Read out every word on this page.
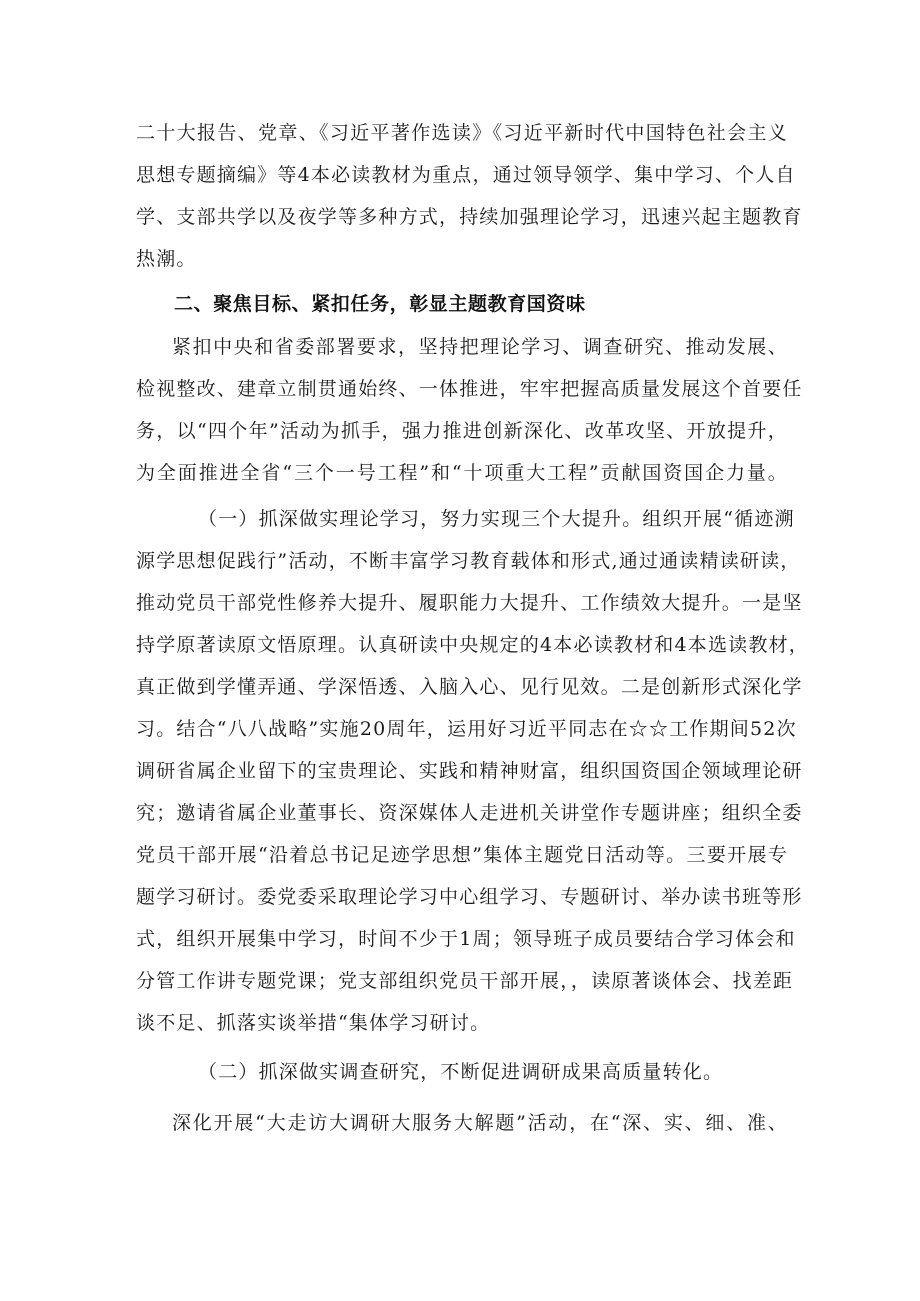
二十大报告、党章、《习近平著作选读》《习近平新时代中国特色社会主义
思想专题摘编》等4本必读教材为重点，通过领导领学、集中学习、个人自
学、支部共学以及夜学等多种方式，持续加强理论学习，迅速兴起主题教育
热潮。
二、聚焦目标、紧扣任务，彰显主题教育国资味
紧扣中央和省委部署要求，坚持把理论学习、调查研究、推动发展、
检视整改、建章立制贯通始终、一体推进，牢牢把握高质量发展这个首要任
务，以“四个年”活动为抓手，强力推进创新深化、改革攻坚、开放提升，
为全面推进全省“三个一号工程”和“十项重大工程”贡献国资国企力量。
（一）抓深做实理论学习，努力实现三个大提升。组织开展“循迹溯
源学思想促践行”活动，不断丰富学习教育载体和形式,通过通读精读研读，
推动党员干部党性修养大提升、履职能力大提升、工作绩效大提升。一是坚
持学原著读原文悟原理。认真研读中央规定的4本必读教材和4本选读教材，
真正做到学懂弄通、学深悟透、入脑入心、见行见效。二是创新形式深化学
习。结合“八八战略”实施20周年，运用好习近平同志在☆☆工作期间52次
调研省属企业留下的宝贵理论、实践和精神财富，组织国资国企领域理论研
究；邀请省属企业董事长、资深媒体人走进机关讲堂作专题讲座；组织全委
党员干部开展“沿着总书记足迹学思想”集体主题党日活动等。三要开展专
题学习研讨。委党委采取理论学习中心组学习、专题研讨、举办读书班等形
式，组织开展集中学习，时间不少于1周；领导班子成员要结合学习体会和
分管工作讲专题党课；党支部组织党员干部开展，，读原著谈体会、找差距
谈不足、抓落实谈举措“集体学习研讨。
（二）抓深做实调查研究，不断促进调研成果高质量转化。
深化开展“大走访大调研大服务大解题”活动，在“深、实、细、准、
